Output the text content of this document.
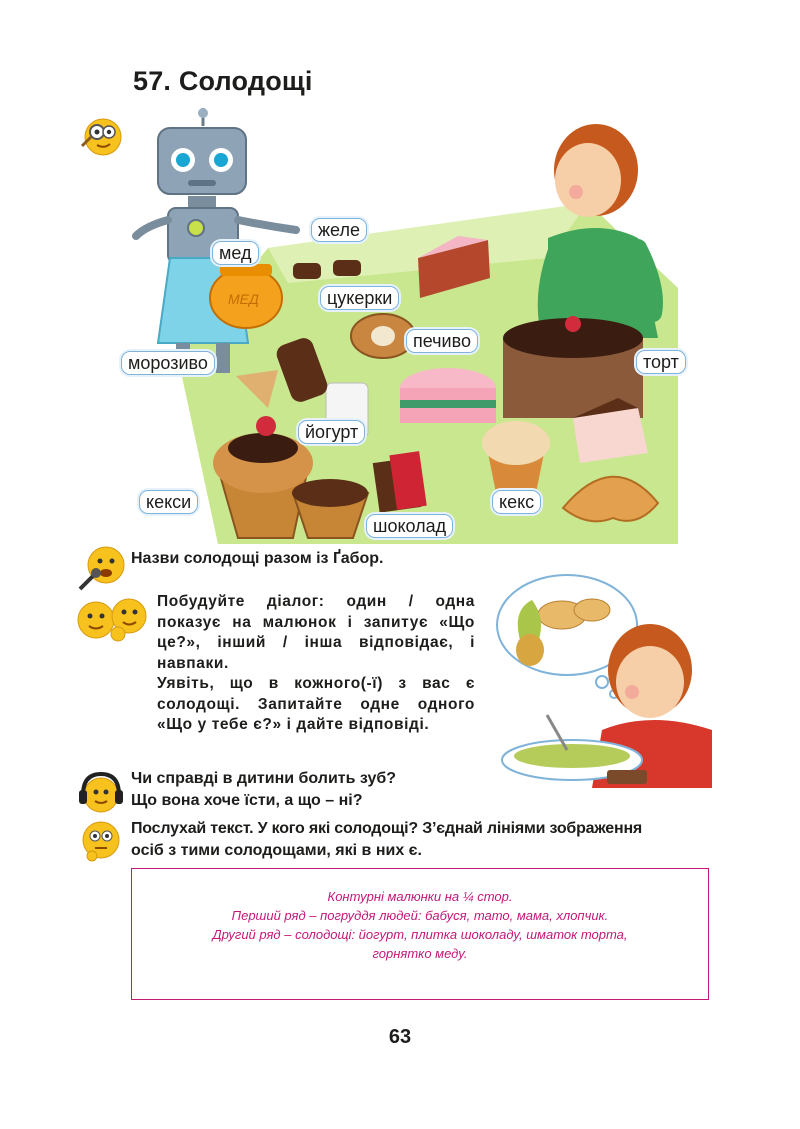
57. Солодощі
МЕД
желе
мед
цукерки
печиво
морозиво	торт
йогурт
кекси	кекс
шоколад
Назви солодощі разом із Ґабор.

Побудуйте діалог: один / одна показує на малюнок і запитує «Що це?», інший / інша відповідає, і навпаки.

Уявіть, що в кожного(-ї) з вас є солодощі. Запитайте одне одного «Що у тебе є?» і дайте відповіді.

Чи справді в дитини болить зуб?
Що вона хоче їсти, а що – ні?
Послухай текст. У кого які солодощі? З’єднай лініями зображення
осіб з тими солодощами, які в них є.

Контурні малюнки на ¼ стор.

Перший ряд – погруддя людей: бабуся, тато, мама, хлопчик.

Другий ряд – солодощі: йогурт, плитка шоколаду, шматок торта,

горнятко меду.

63
